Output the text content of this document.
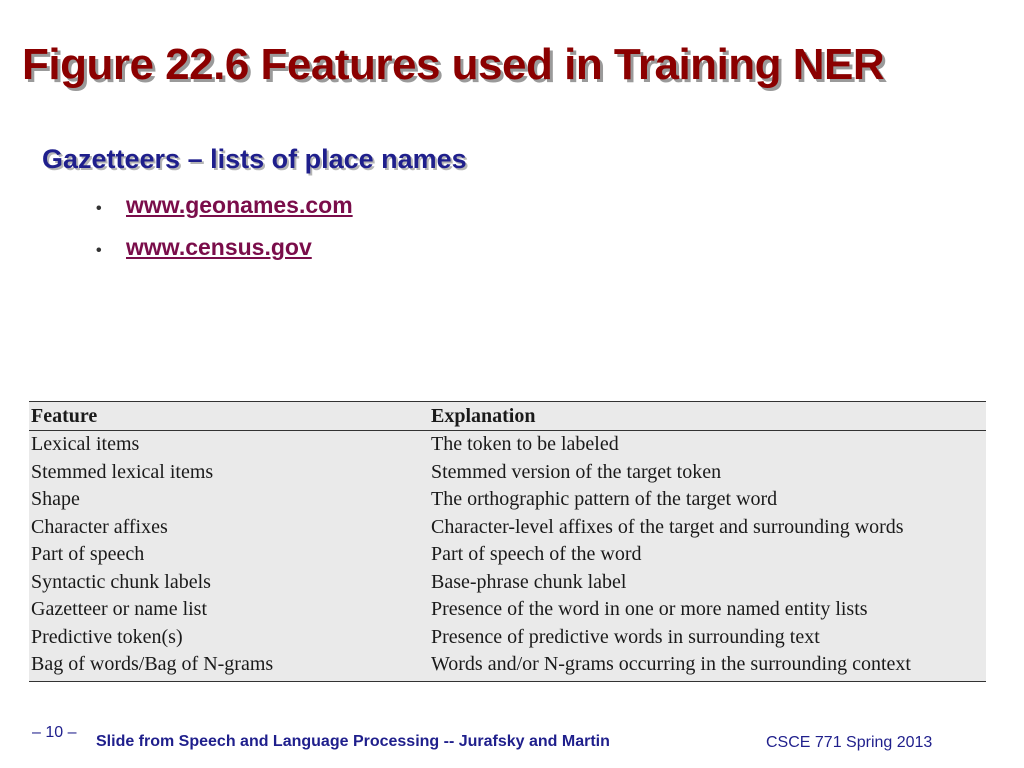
Figure 22.6 Features used in Training NER
Gazetteers – lists of place names
• www.geonames.com
• www.census.gov
Feature	Explanation
Lexical items	The token to be labeled
Stemmed lexical items	Stemmed version of the target token
Shape	The orthographic pattern of the target word
Character affixes	Character-level affixes of the target and surrounding words
Part of speech	Part of speech of the word
Syntactic chunk labels	Base-phrase chunk label
Gazetteer or name list	Presence of the word in one or more named entity lists
Predictive token(s)	Presence of predictive words in surrounding text
Bag of words/Bag of N-grams	Words and/or N-grams occurring in the surrounding context
– 10 –
Slide from Speech and Language Processing -- Jurafsky and Martin	CSCE 771 Spring 2013
